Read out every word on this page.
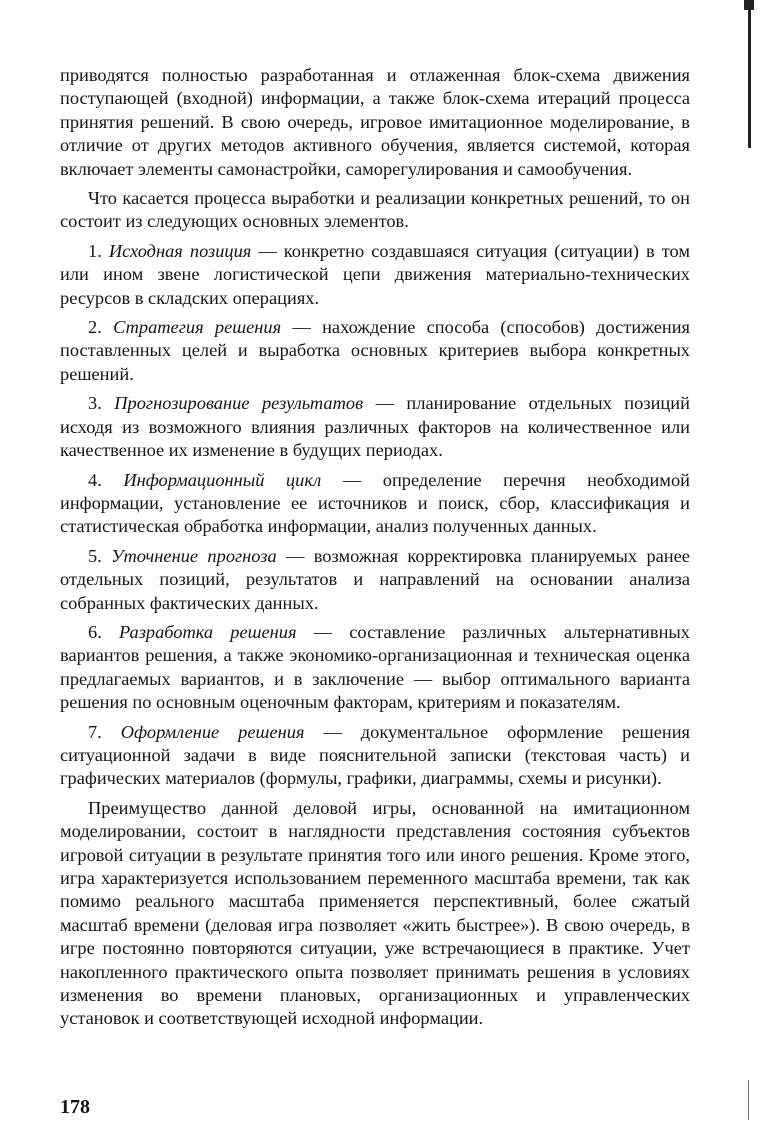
приводятся полностью разработанная и отлаженная блок-схема движения поступающей (входной) информации, а также блок-схема итераций процесса принятия решений. В свою очередь, игровое имитационное моделирование, в отличие от других методов активного обучения, является системой, которая включает элементы самонастройки, саморегулирования и самообучения.

Что касается процесса выработки и реализации конкретных решений, то он состоит из следующих основных элементов.

1. Исходная позиция — конкретно создавшаяся ситуация (ситуации) в том или ином звене логистической цепи движения материально-технических ресурсов в складских операциях.

2. Стратегия решения — нахождение способа (способов) достижения поставленных целей и выработка основных критериев выбора конкретных решений.

3. Прогнозирование результатов — планирование отдельных позиций исходя из возможного влияния различных факторов на количественное или качественное их изменение в будущих периодах.

4. Информационный цикл — определение перечня необходимой информации, установление ее источников и поиск, сбор, классификация и статистическая обработка информации, анализ полученных данных.

5. Уточнение прогноза — возможная корректировка планируемых ранее отдельных позиций, результатов и направлений на основании анализа собранных фактических данных.

6. Разработка решения — составление различных альтернативных вариантов решения, а также экономико-организационная и техническая оценка предлагаемых вариантов, и в заключение — выбор оптимального варианта решения по основным оценочным факторам, критериям и показателям.

7. Оформление решения — документальное оформление решения ситуационной задачи в виде пояснительной записки (текстовая часть) и графических материалов (формулы, графики, диаграммы, схемы и рисунки).

Преимущество данной деловой игры, основанной на имитационном моделировании, состоит в наглядности представления состояния субъектов игровой ситуации в результате принятия того или иного решения. Кроме этого, игра характеризуется использованием переменного масштаба времени, так как помимо реального масштаба применяется перспективный, более сжатый масштаб времени (деловая игра позволяет «жить быстрее»). В свою очередь, в игре постоянно повторяются ситуации, уже встречающиеся в практике. Учет накопленного практического опыта позволяет принимать решения в условиях изменения во времени плановых, организационных и управленческих установок и соответствующей исходной информации.

178
